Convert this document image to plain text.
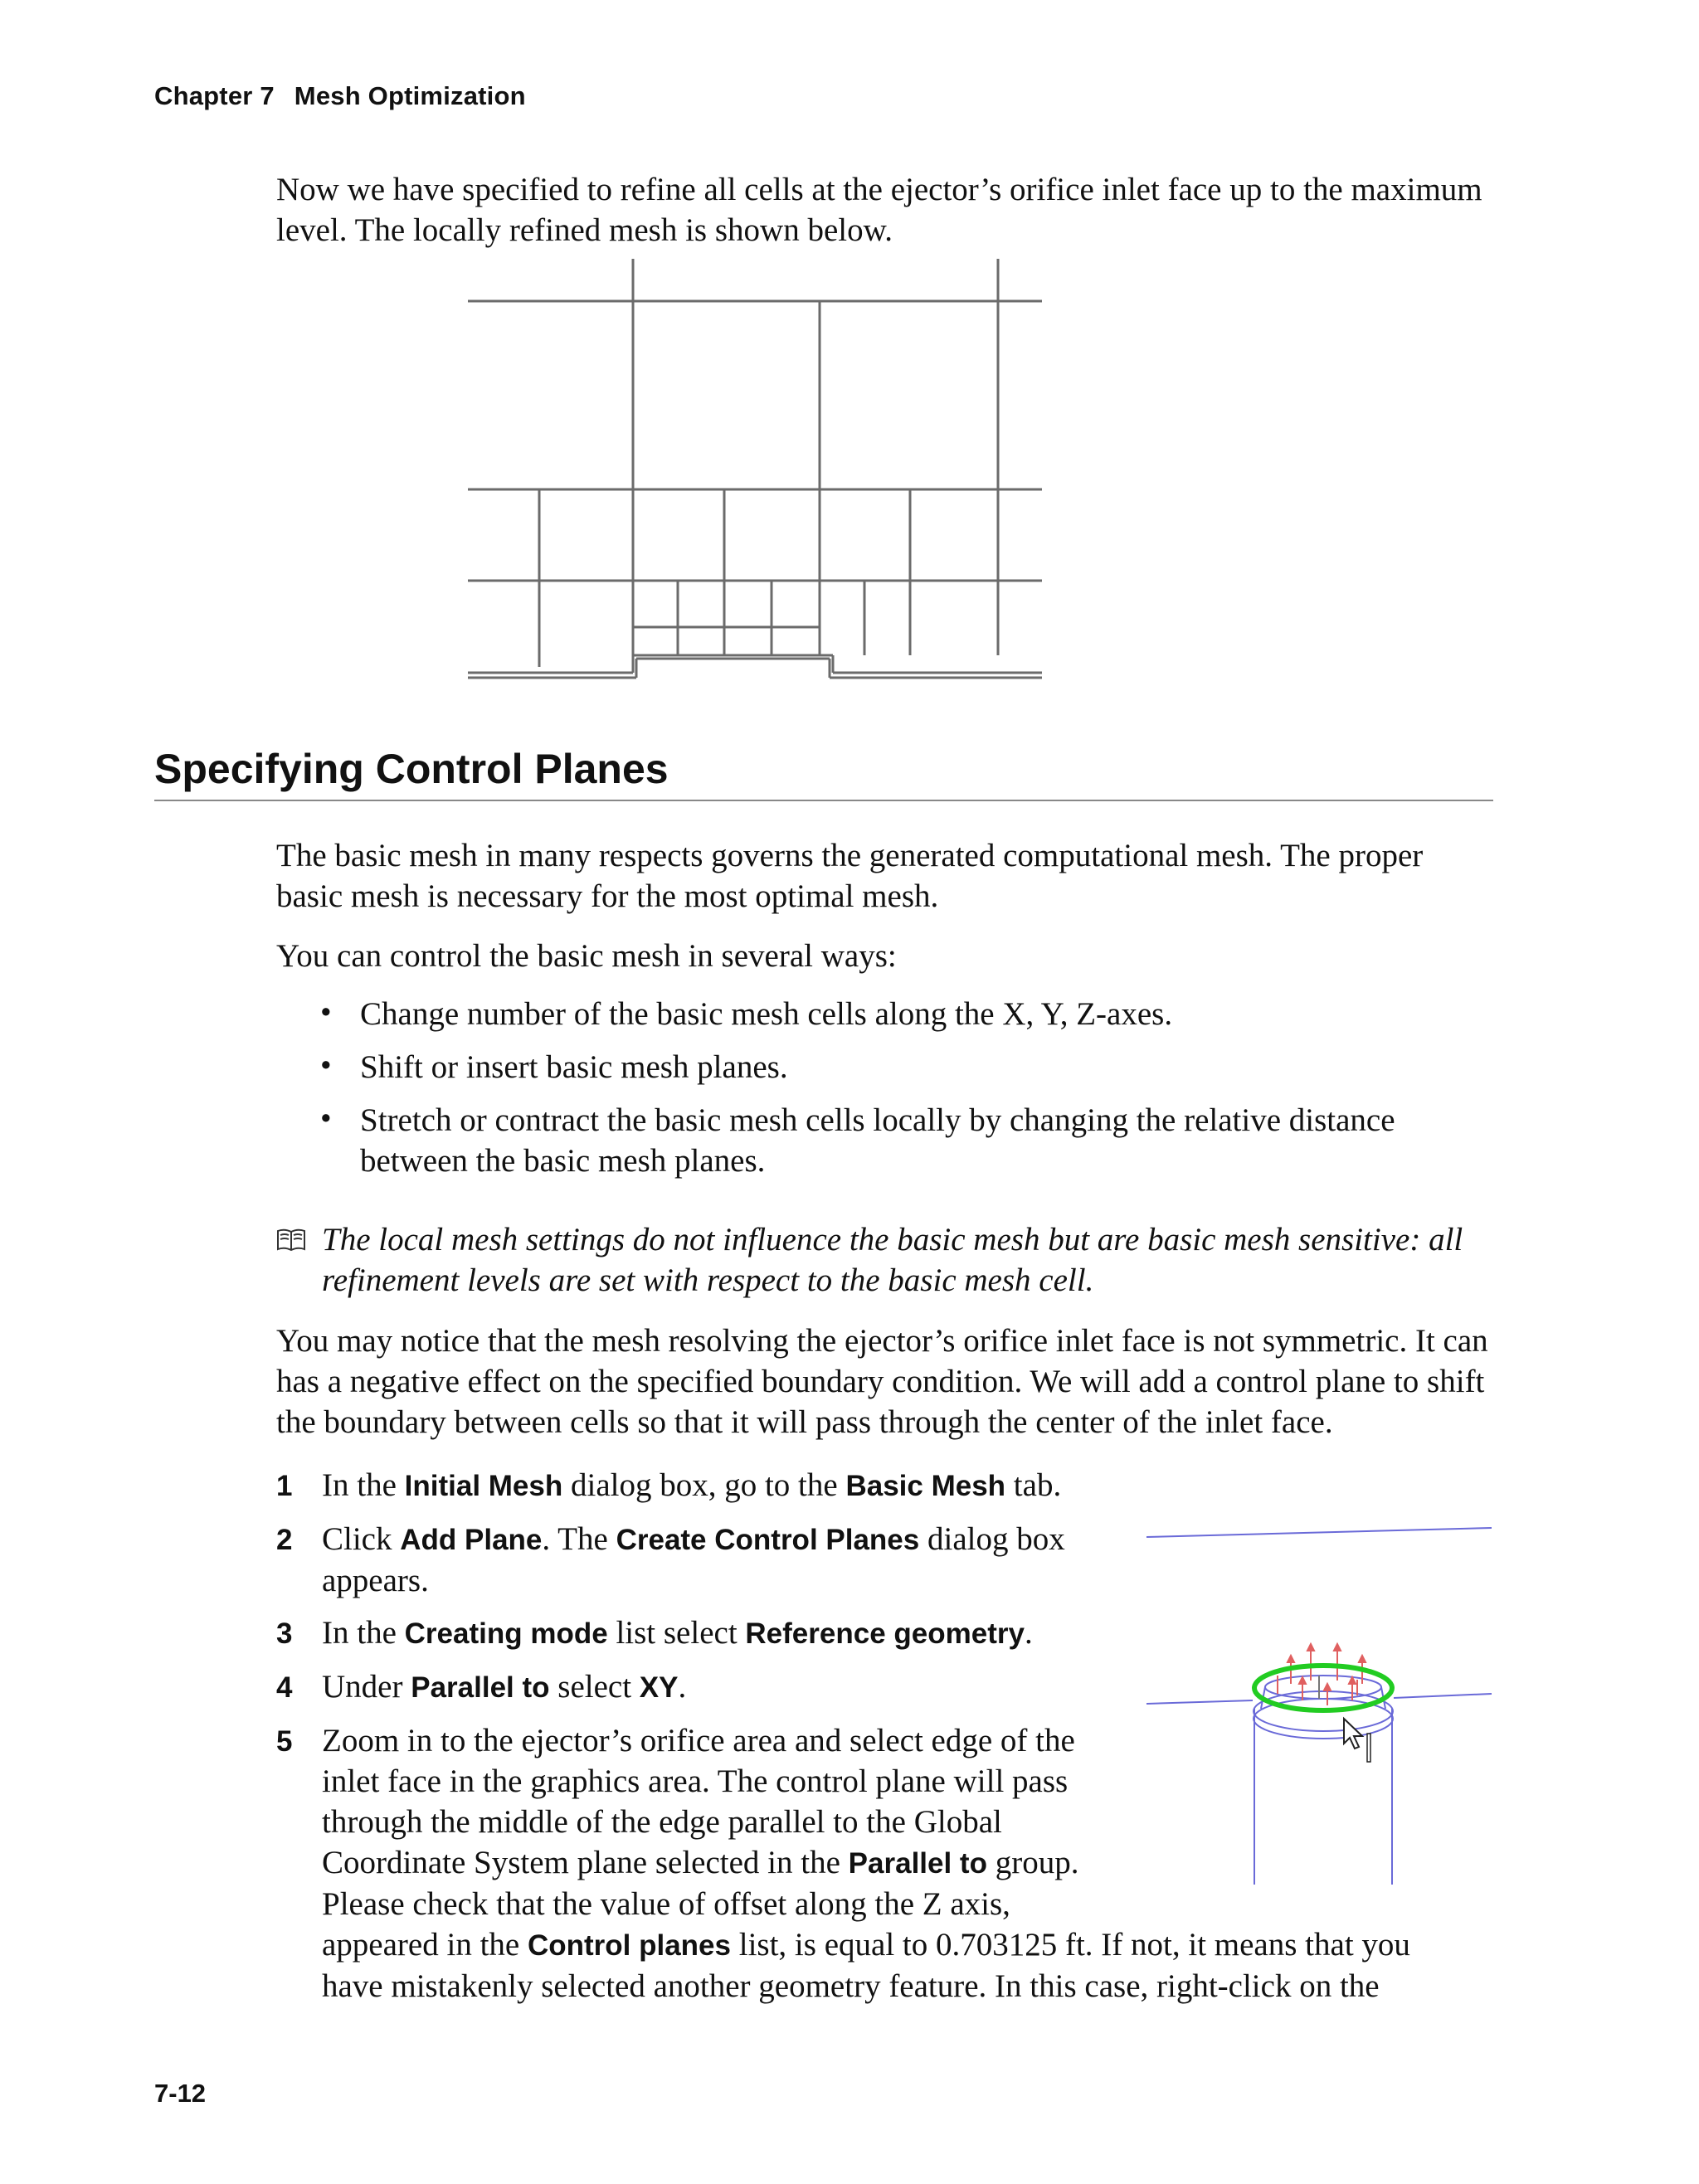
Chapter 7 Mesh Optimization

Now we have specified to refine all cells at the ejector’s orifice inlet face up to the maximum level. The locally refined mesh is shown below.

Specifying Control Planes

The basic mesh in many respects governs the generated computational mesh. The proper basic mesh is necessary for the most optimal mesh.

You can control the basic mesh in several ways:

• Change number of the basic mesh cells along the X, Y, Z-axes.

• Shift or insert basic mesh planes.

• Stretch or contract the basic mesh cells locally by changing the relative distance between the basic mesh planes.

The local mesh settings do not influence the basic mesh but are basic mesh sensitive: all refinement levels are set with respect to the basic mesh cell.

You may notice that the mesh resolving the ejector’s orifice inlet face is not symmetric. It can has a negative effect on the specified boundary condition. We will add a control plane to shift the boundary between cells so that it will pass through the center of the inlet face.

1 In the Initial Mesh dialog box, go to the Basic Mesh tab.

2 Click Add Plane. The Create Control Planes dialog box
appears.

3 In the Creating mode list select Reference geometry.

4 Under Parallel to select XY.

5 Zoom in to the ejector’s orifice area and select edge of the
inlet face in the graphics area. The control plane will pass
through the middle of the edge parallel to the Global
Coordinate System plane selected in the Parallel to group.
Please check that the value of offset along the Z axis,
appeared in the Control planes list, is equal to 0.703125 ft. If not, it means that you
have mistakenly selected another geometry feature. In this case, right-click on the

7-12
